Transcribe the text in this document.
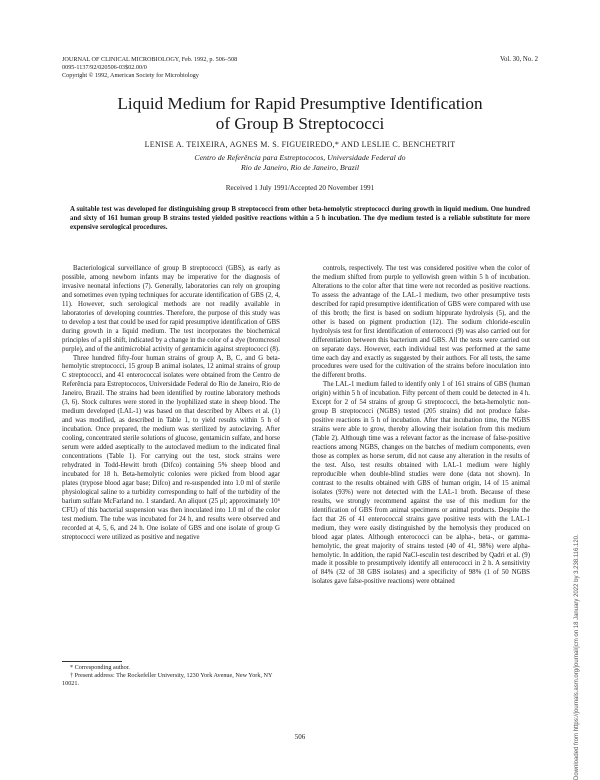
JOURNAL OF CLINICAL MICROBIOLOGY, Feb. 1992, p. 506–508
0095-1137/92/020506-03$02.00/0
Copyright © 1992, American Society for Microbiology
Vol. 30, No. 2
Liquid Medium for Rapid Presumptive Identification
of Group B Streptococci
LENISE A. TEIXEIRA, AGNES M. S. FIGUEIREDO,* AND LESLIE C. BENCHETRIT
Centro de Referência para Estreptococos, Universidade Federal do
Rio de Janeiro, Rio de Janeiro, Brazil
Received 1 July 1991/Accepted 20 November 1991
A suitable test was developed for distinguishing group B streptococci from other beta-hemolytic streptococci during growth in liquid medium. One hundred and sixty of 161 human group B strains tested yielded positive reactions within a 5 h incubation. The dye medium tested is a reliable substitute for more expensive serological procedures.

Bacteriological surveillance of group B streptococci (GBS), as early as possible, among newborn infants may be imperative for the diagnosis of invasive neonatal infections (7). Generally, laboratories can rely on grouping and sometimes even typing techniques for accurate identification of GBS (2, 4, 11). However, such serological methods are not readily available in laboratories of developing countries. Therefore, the purpose of this study was to develop a test that could be used for rapid presumptive identification of GBS during growth in a liquid medium. The test incorporates the biochemical principles of a pH shift, indicated by a change in the color of a dye (bromcresol purple), and of the antimicrobial activity of gentamicin against streptococci (8).

Three hundred fifty-four human strains of group A, B, C, and G beta-hemolytic streptococci, 15 group B animal isolates, 12 animal strains of group C streptococci, and 41 enterococcal isolates were obtained from the Centro de Referência para Estreptococos, Universidade Federal do Rio de Janeiro, Rio de Janeiro, Brazil. The strains had been identified by routine laboratory methods (3, 6). Stock cultures were stored in the lyophilized state in sheep blood. The medium developed (LAL-1) was based on that described by Albers et al. (1) and was modified, as described in Table 1, to yield results within 5 h of incubation. Once prepared, the medium was sterilized by autoclaving. After cooling, concentrated sterile solutions of glucose, gentamicin sulfate, and horse serum were added aseptically to the autoclaved medium to the indicated final concentrations (Table 1). For carrying out the test, stock strains were rehydrated in Todd-Hewitt broth (Difco) containing 5% sheep blood and incubated for 18 h. Beta-hemolytic colonies were picked from blood agar plates (trypose blood agar base; Difco) and re-suspended into 1.0 ml of sterile physiological saline to a turbidity corresponding to half of the turbidity of the barium sulfate McFarland no. 1 standard. An aliquot (25 μl; approximately 10⁶ CFU) of this bacterial suspension was then inoculated into 1.0 ml of the color test medium. The tube was incubated for 24 h, and results were observed and recorded at 4, 5, 6, and 24 h. One isolate of GBS and one isolate of group G streptococci were utilized as positive and negative

controls, respectively. The test was considered positive when the color of the medium shifted from purple to yellowish green within 5 h of incubation. Alterations to the color after that time were not recorded as positive reactions. To assess the advantage of the LAL-1 medium, two other presumptive tests described for rapid presumptive identification of GBS were compared with use of this broth; the first is based on sodium hippurate hydrolysis (5), and the other is based on pigment production (12). The sodium chloride-esculin hydrolysis test for first identification of enterococci (9) was also carried out for differentiation between this bacterium and GBS. All the tests were carried out on separate days. However, each individual test was performed at the same time each day and exactly as suggested by their authors. For all tests, the same procedures were used for the cultivation of the strains before inoculation into the different broths.

The LAL-1 medium failed to identify only 1 of 161 strains of GBS (human origin) within 5 h of incubation. Fifty percent of them could be detected in 4 h. Except for 2 of 54 strains of group G streptococci, the beta-hemolytic non-group B streptococci (NGBS) tested (205 strains) did not produce false-positive reactions in 5 h of incubation. After that incubation time, the NGBS strains were able to grow, thereby allowing their isolation from this medium (Table 2). Although time was a relevant factor as the increase of false-positive reactions among NGBS, changes on the batches of medium components, even those as complex as horse serum, did not cause any alteration in the results of the test. Also, test results obtained with LAL-1 medium were highly reproducible when double-blind studies were done (data not shown). In contrast to the results obtained with GBS of human origin, 14 of 15 animal isolates (93%) were not detected with the LAL-1 broth. Because of these results, we strongly recommend against the use of this medium for the identification of GBS from animal specimens or animal products. Despite the fact that 26 of 41 enterococcal strains gave positive tests with the LAL-1 medium, they were easily distinguished by the hemolysis they produced on blood agar plates. Although enterococci can be alpha-, beta-, or gamma-hemolytic, the great majority of strains tested (40 of 41, 98%) were alpha-hemolytic. In addition, the rapid NaCl-esculin test described by Qadri et al. (9) made it possible to presumptively identify all enterococci in 2 h. A sensitivity of 84% (32 of 38 GBS isolates) and a specificity of 98% (1 of 50 NGBS isolates gave false-positive reactions) were obtained

* Corresponding author.

† Present address: The Rockefeller University, 1230 York Avenue, New York, NY 10021.

506	Downloaded from https://journals.asm.org/journal/jcm on 18 January 2022 by 3.238.116.120.
